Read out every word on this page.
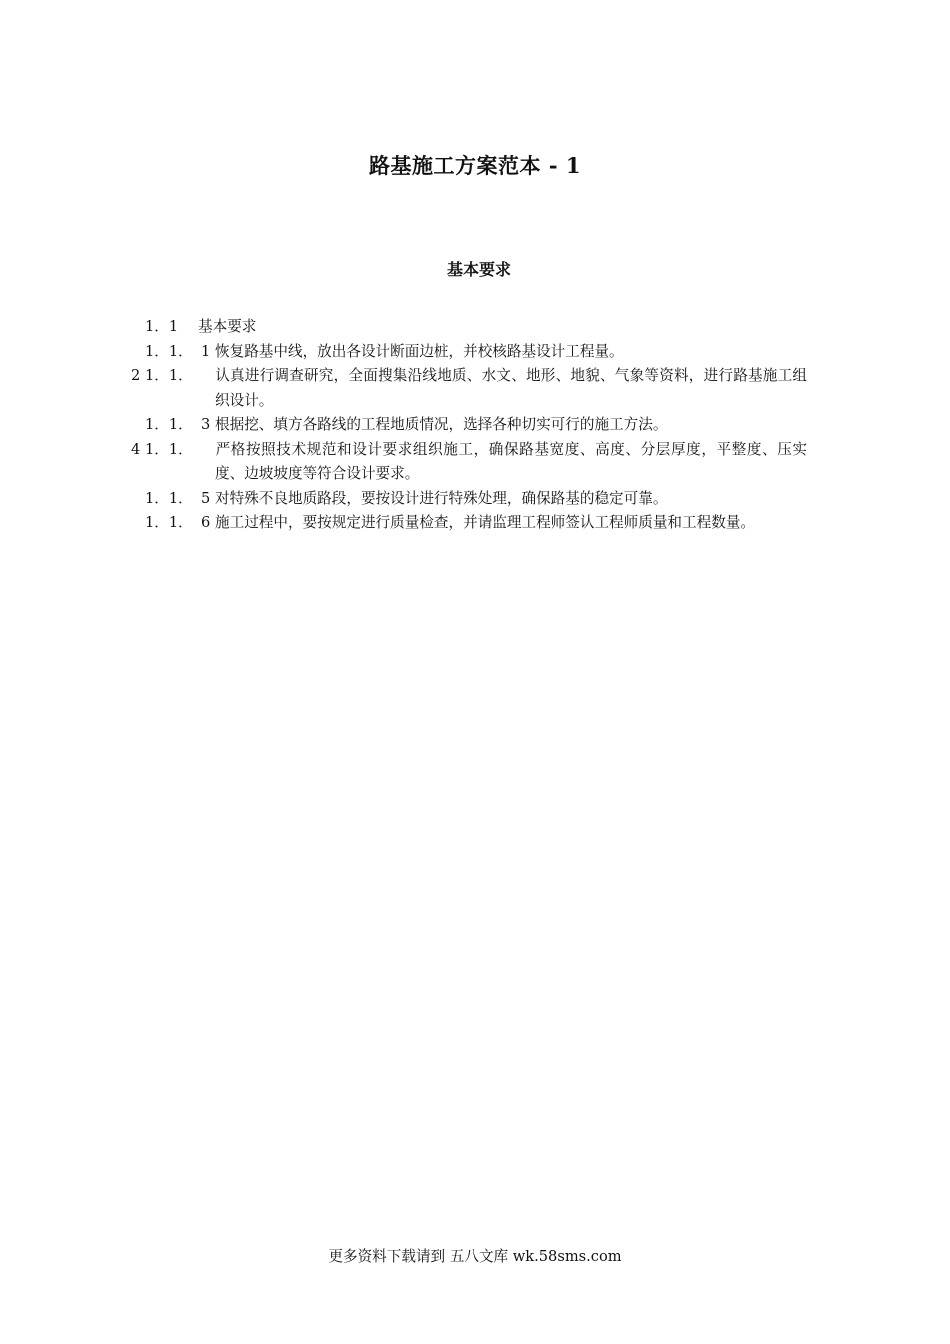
路基施工方案范本 - 1
基本要求

1．1 基本要求

1．1． 1 恢复路基中线，放出各设计断面边桩，并校核路基设计工程量。

1．1．2	认真进行调查研究，全面搜集沿线地质、水文、地形、地貌、气象等资料，进行路基施工组织设计。

1．1． 3 根据挖、填方各路线的工程地质情况，选择各种切实可行的施工方法。

1．1．4	严格按照技术规范和设计要求组织施工，确保路基宽度、高度、分层厚度，平整度、压实度、边坡坡度等符合设计要求。

1．1． 5 对特殊不良地质路段，要按设计进行特殊处理，确保路基的稳定可靠。

1．1． 6 施工过程中，要按规定进行质量检查，并请监理工程师签认工程师质量和工程数量。

更多资料下载请到 五八文库 wk.58sms.com
